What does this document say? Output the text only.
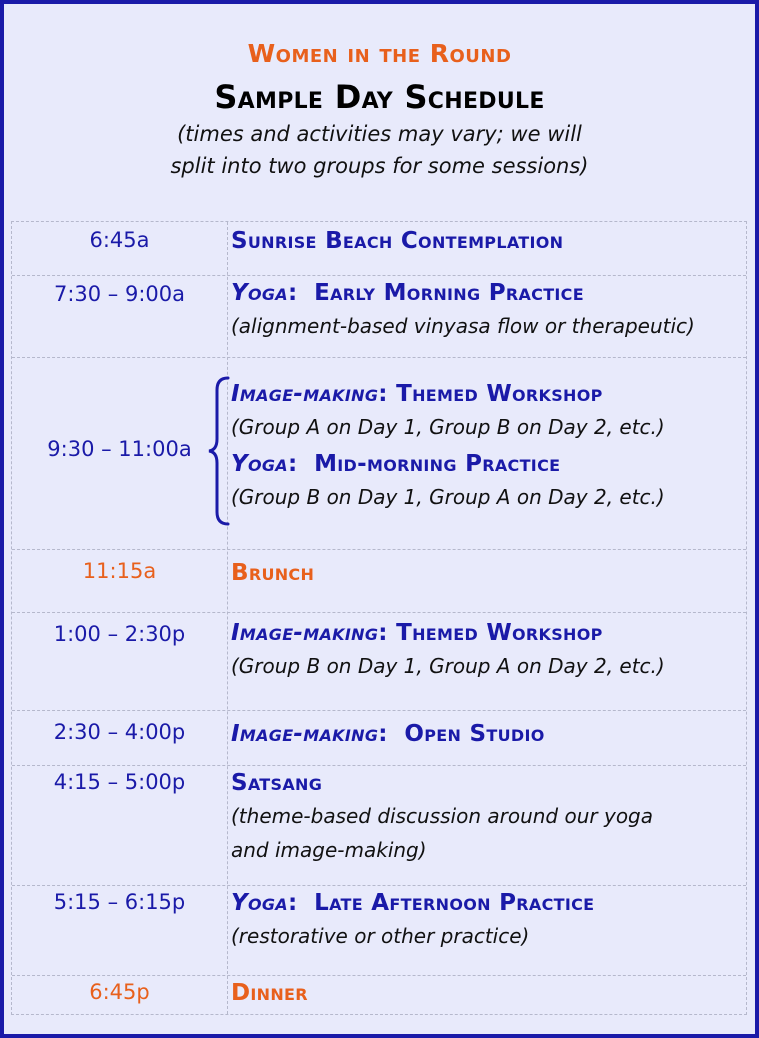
Women in the Round
Sample Day Schedule
(times and activities may vary; we will
split into two groups for some sessions)
6:45a	Sunrise Beach Contemplation
7:30 – 9:00a	Yoga:  Early Morning Practice
(alignment-based vinyasa flow or therapeutic)
9:30 – 11:00a
Image-making: Themed Workshop
(Group A on Day 1, Group B on Day 2, etc.)
Yoga:  Mid-morning Practice
(Group B on Day 1, Group A on Day 2, etc.)
11:15a	Brunch
1:00 – 2:30p	Image-making: Themed Workshop
(Group B on Day 1, Group A on Day 2, etc.)
2:30 – 4:00p	Image-making:  Open Studio
4:15 – 5:00p	Satsang
(theme-based discussion around our yoga
and image-making)
5:15 – 6:15p	Yoga:  Late Afternoon Practice
(restorative or other practice)
6:45p	Dinner
